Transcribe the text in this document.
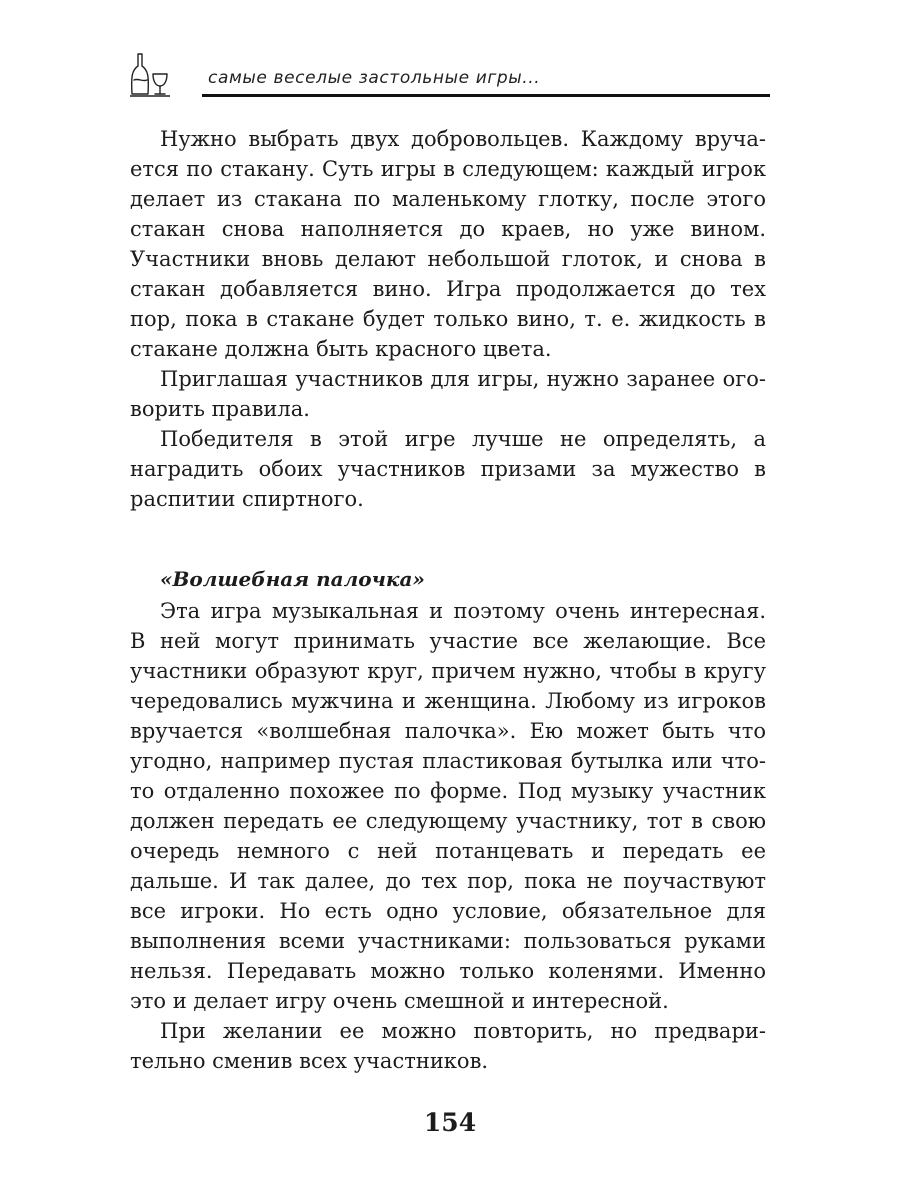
самые веселые застольные игры...

Нужно выбрать двух добровольцев. Каждому вручается по стакану. Суть игры в следующем: каждый игрок делает из стакана по маленькому глотку, после этого стакан снова наполняется до краев, но уже вином. Участники вновь делают небольшой глоток, и снова в стакан добавляется вино. Игра продолжается до тех пор, пока в стакане будет только вино, т. е. жидкость в стакане должна быть красного цвета.

Приглашая участников для игры, нужно заранее оговорить правила.

Победителя в этой игре лучше не определять, а наградить обоих участников призами за мужество в распитии спиртного.

«Волшебная палочка»

Эта игра музыкальная и поэтому очень интересная. В ней могут принимать участие все желающие. Все участники образуют круг, причем нужно, чтобы в кругу чередовались мужчина и женщина. Любому из игроков вручается «волшебная палочка». Ею может быть что угодно, например пустая пластиковая бутылка или что-то отдаленно похожее по форме. Под музыку участник должен передать ее следующему участнику, тот в свою очередь немного с ней потанцевать и передать ее дальше. И так далее, до тех пор, пока не поучаствуют все игроки. Но есть одно условие, обязательное для выполнения всеми участниками: пользоваться руками нельзя. Передавать можно только коленями. Именно это и делает игру очень смешной и интересной.

При желании ее можно повторить, но предварительно сменив всех участников.

154
